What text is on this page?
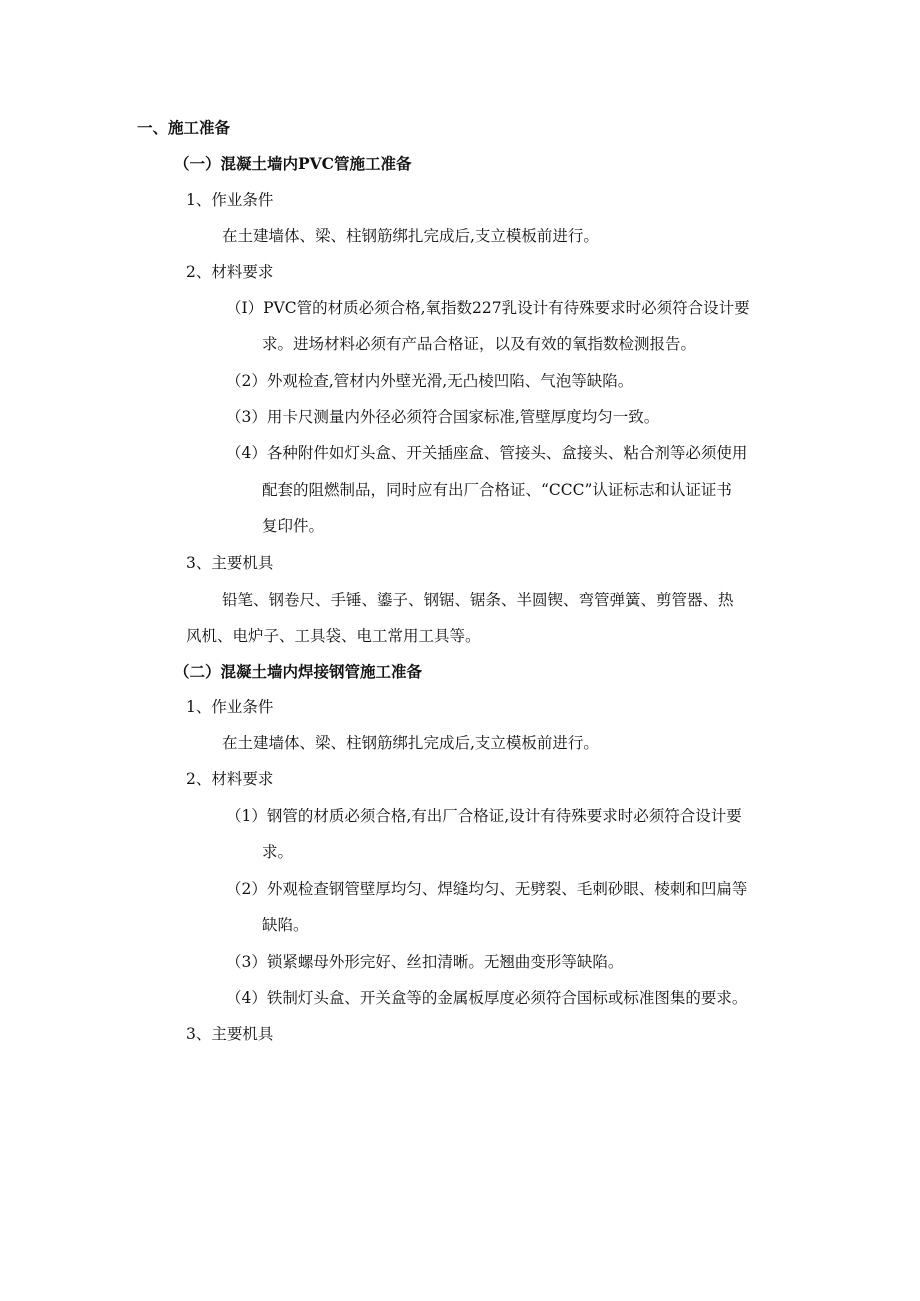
一、施工准备
（一）混凝土墙内PVC管施工准备
1、作业条件
在土建墙体、梁、柱钢筋绑扎完成后,支立模板前进行。
2、材料要求
（I）PVC管的材质必须合格,氧指数227乳设计有待殊要求时必须符合设计要
求。进场材料必须有产品合格证，以及有效的氧指数检测报告。
（2）外观检查,管材内外壁光滑,无凸棱凹陷、气泡等缺陷。
（3）用卡尺测量内外径必须符合国家标准,管壁厚度均匀一致。
（4）各种附件如灯头盒、开关插座盒、管接头、盒接头、粘合剂等必须使用
配套的阻燃制品，同时应有出厂合格证、“CCC”认证标志和认证证书
复印件。
3、主要机具
铅笔、钢卷尺、手锤、鎏子、钢锯、锯条、半圆锲、弯管弹簧、剪管器、热
风机、电炉子、工具袋、电工常用工具等。
（二）混凝土墙内焊接钢管施工准备
1、作业条件
在土建墙体、梁、柱钢筋绑扎完成后,支立模板前进行。
2、材料要求
（1）钢管的材质必须合格,有出厂合格证,设计有待殊要求时必须符合设计要
求。
（2）外观检查钢管壁厚均匀、焊缝均匀、无劈裂、毛刺砂眼、棱刺和凹扁等
缺陷。
（3）锁紧螺母外形完好、丝扣清晰。无翘曲变形等缺陷。
（4）铁制灯头盒、开关盒等的金属板厚度必须符合国标或标准图集的要求。
3、主要机具
